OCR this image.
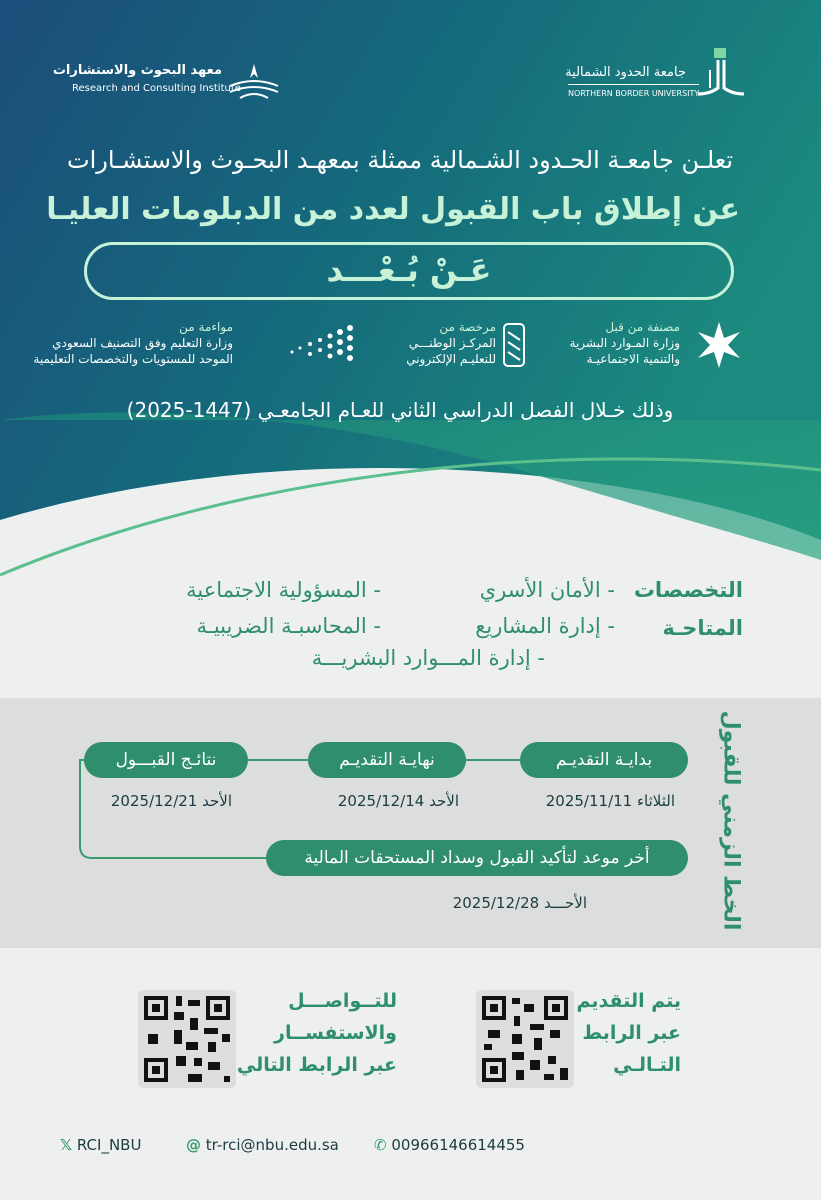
معهد البحوث والاستشارات
Research and Consulting Institute
جامعة الحدود الشمالية
NORTHERN BORDER UNIVERSITY
تعلـن جامعـة الحـدود الشـمالية ممثلة بمعهـد البحـوث والاستشـارات
عن إطلاق باب القبول لعدد من الدبلومات العليـا
عَـنْ بُـعْـــد
مصنفة من قبل
وزارة المـوارد البشرية
والتنمية الاجتماعيـة
مرخصة من
المركـز الوطنـــي
للتعليـم الإلكتروني
مواءمة من
وزارة التعليم وفق التصنيف السعودي
الموحد للمستويات والتخصصات التعليمية
وذلك خـلال الفصل الدراسي الثاني للعـام الجامعـي (1447-2025)
التخصصات
المتاحـة
- الأمان الأسري
- المسؤولية الاجتماعية
- إدارة المشاريع
- المحاسبـة الضريبيـة
- إدارة المـــوارد البشريـــة
بدايـة التقديـم
نهايـة التقديـم
نتائـج القبـــول
أخر موعد لتأكيد القبول وسداد المستحقات المالية
الثلاثاء 2025/11/11
الأحد 2025/12/14
الأحد 2025/12/21
الأحـــد 2025/12/28	الخط الزمني للقبول
يتم التقديم
عبر الرابط
التـالـي
للتــواصـــل
والاستفســار
عبر الرابط التالي
✆ 00966146614455
@ tr-rci@nbu.edu.sa
𝕏 RCI_NBU
